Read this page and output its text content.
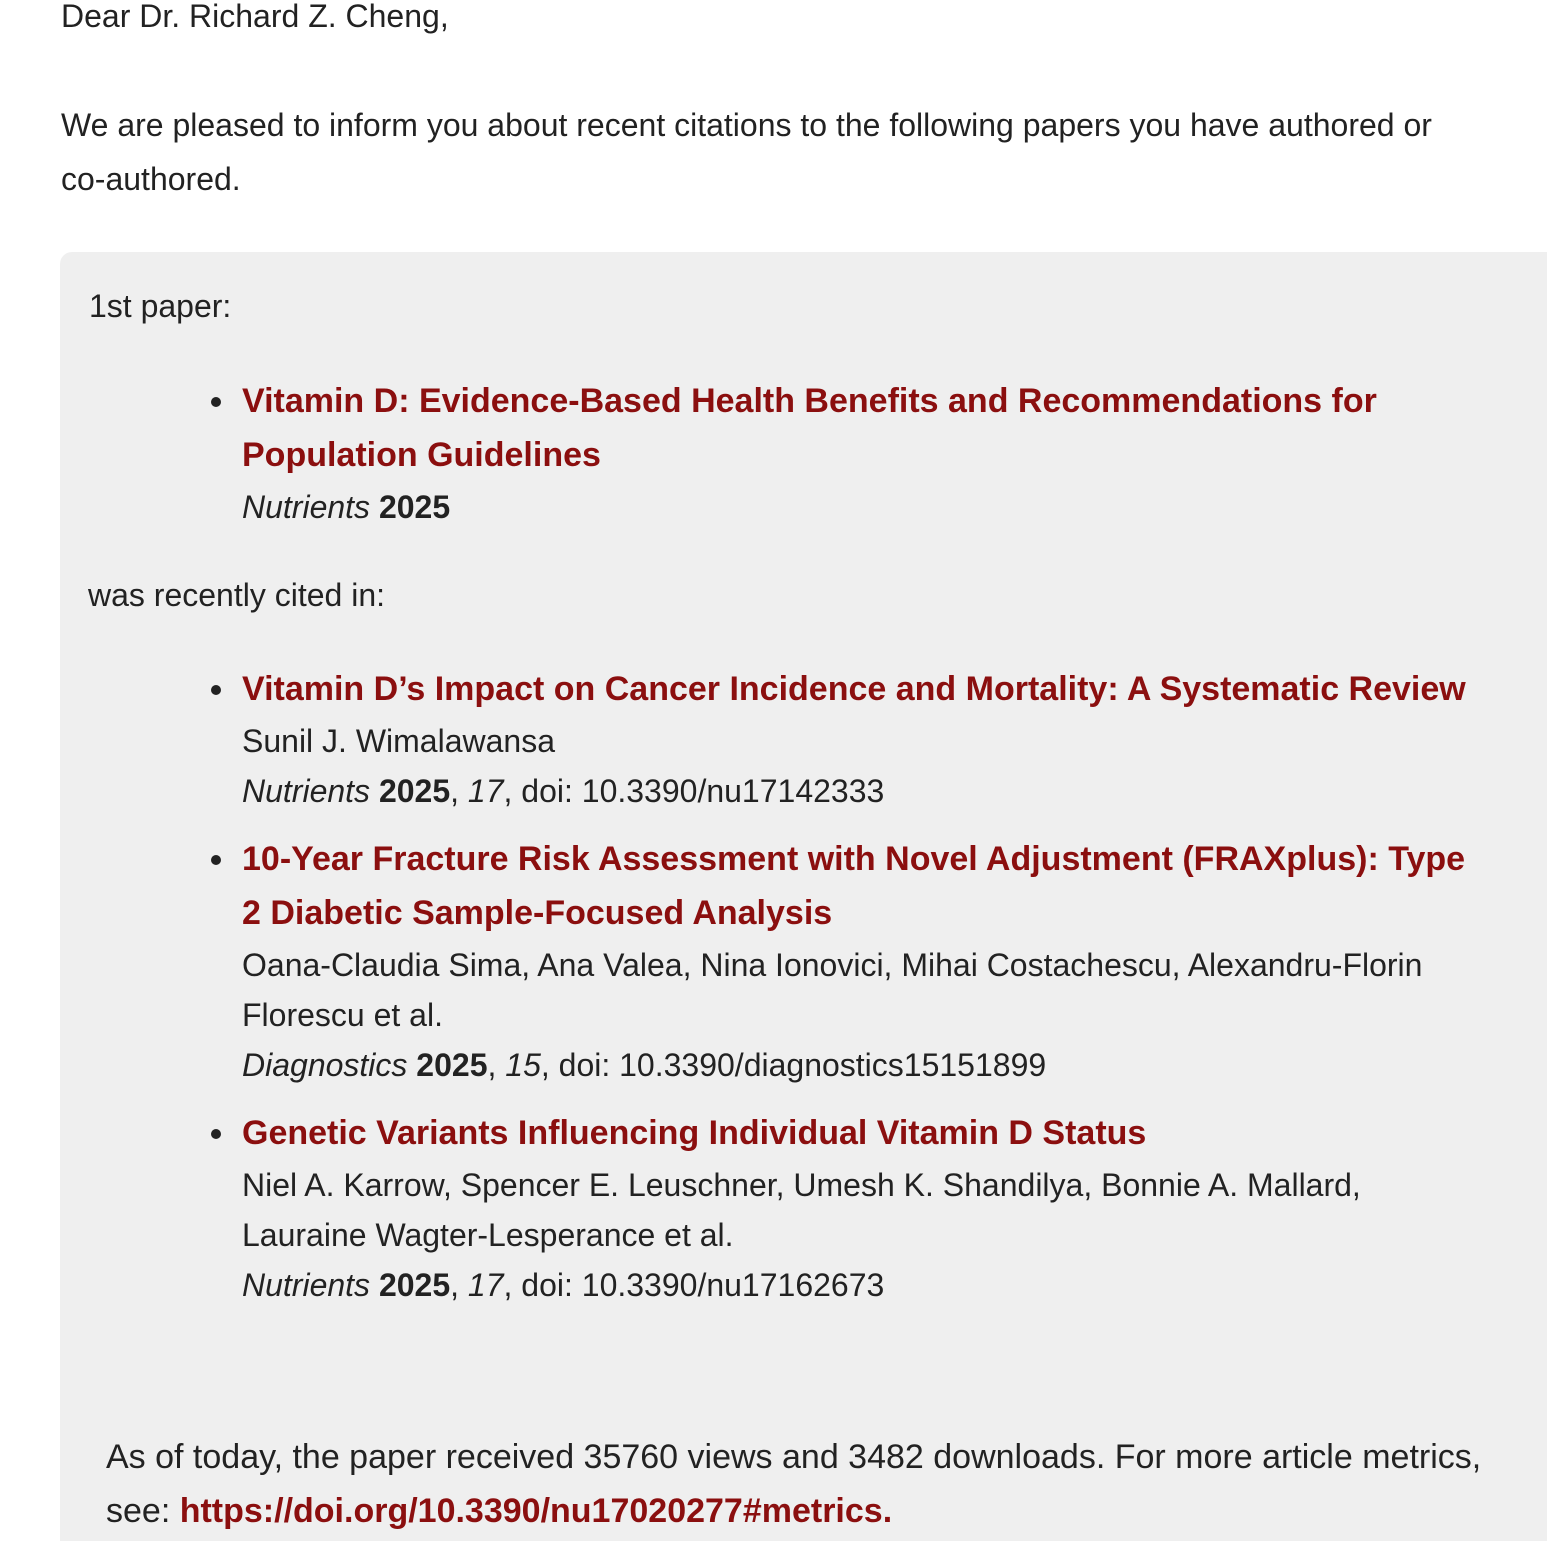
Dear Dr. Richard Z. Cheng,

We are pleased to inform you about recent citations to the following papers you have authored or co-authored.

1st paper:

Vitamin D: Evidence-Based Health Benefits and Recommendations for Population Guidelines
Nutrients 2025

was recently cited in:

Vitamin D’s Impact on Cancer Incidence and Mortality: A Systematic Review
Sunil J. Wimalawansa
Nutrients 2025, 17, doi: 10.3390/nu17142333
10-Year Fracture Risk Assessment with Novel Adjustment (FRAXplus): Type 2 Diabetic Sample-Focused Analysis
Oana-Claudia Sima, Ana Valea, Nina Ionovici, Mihai Costachescu, Alexandru-Florin Florescu et al.
Diagnostics 2025, 15, doi: 10.3390/diagnostics15151899
Genetic Variants Influencing Individual Vitamin D Status
Niel A. Karrow, Spencer E. Leuschner, Umesh K. Shandilya, Bonnie A. Mallard, Lauraine Wagter-Lesperance et al.
Nutrients 2025, 17, doi: 10.3390/nu17162673

As of today, the paper received 35760 views and 3482 downloads. For more article metrics, see: https://doi.org/10.3390/nu17020277#metrics.
